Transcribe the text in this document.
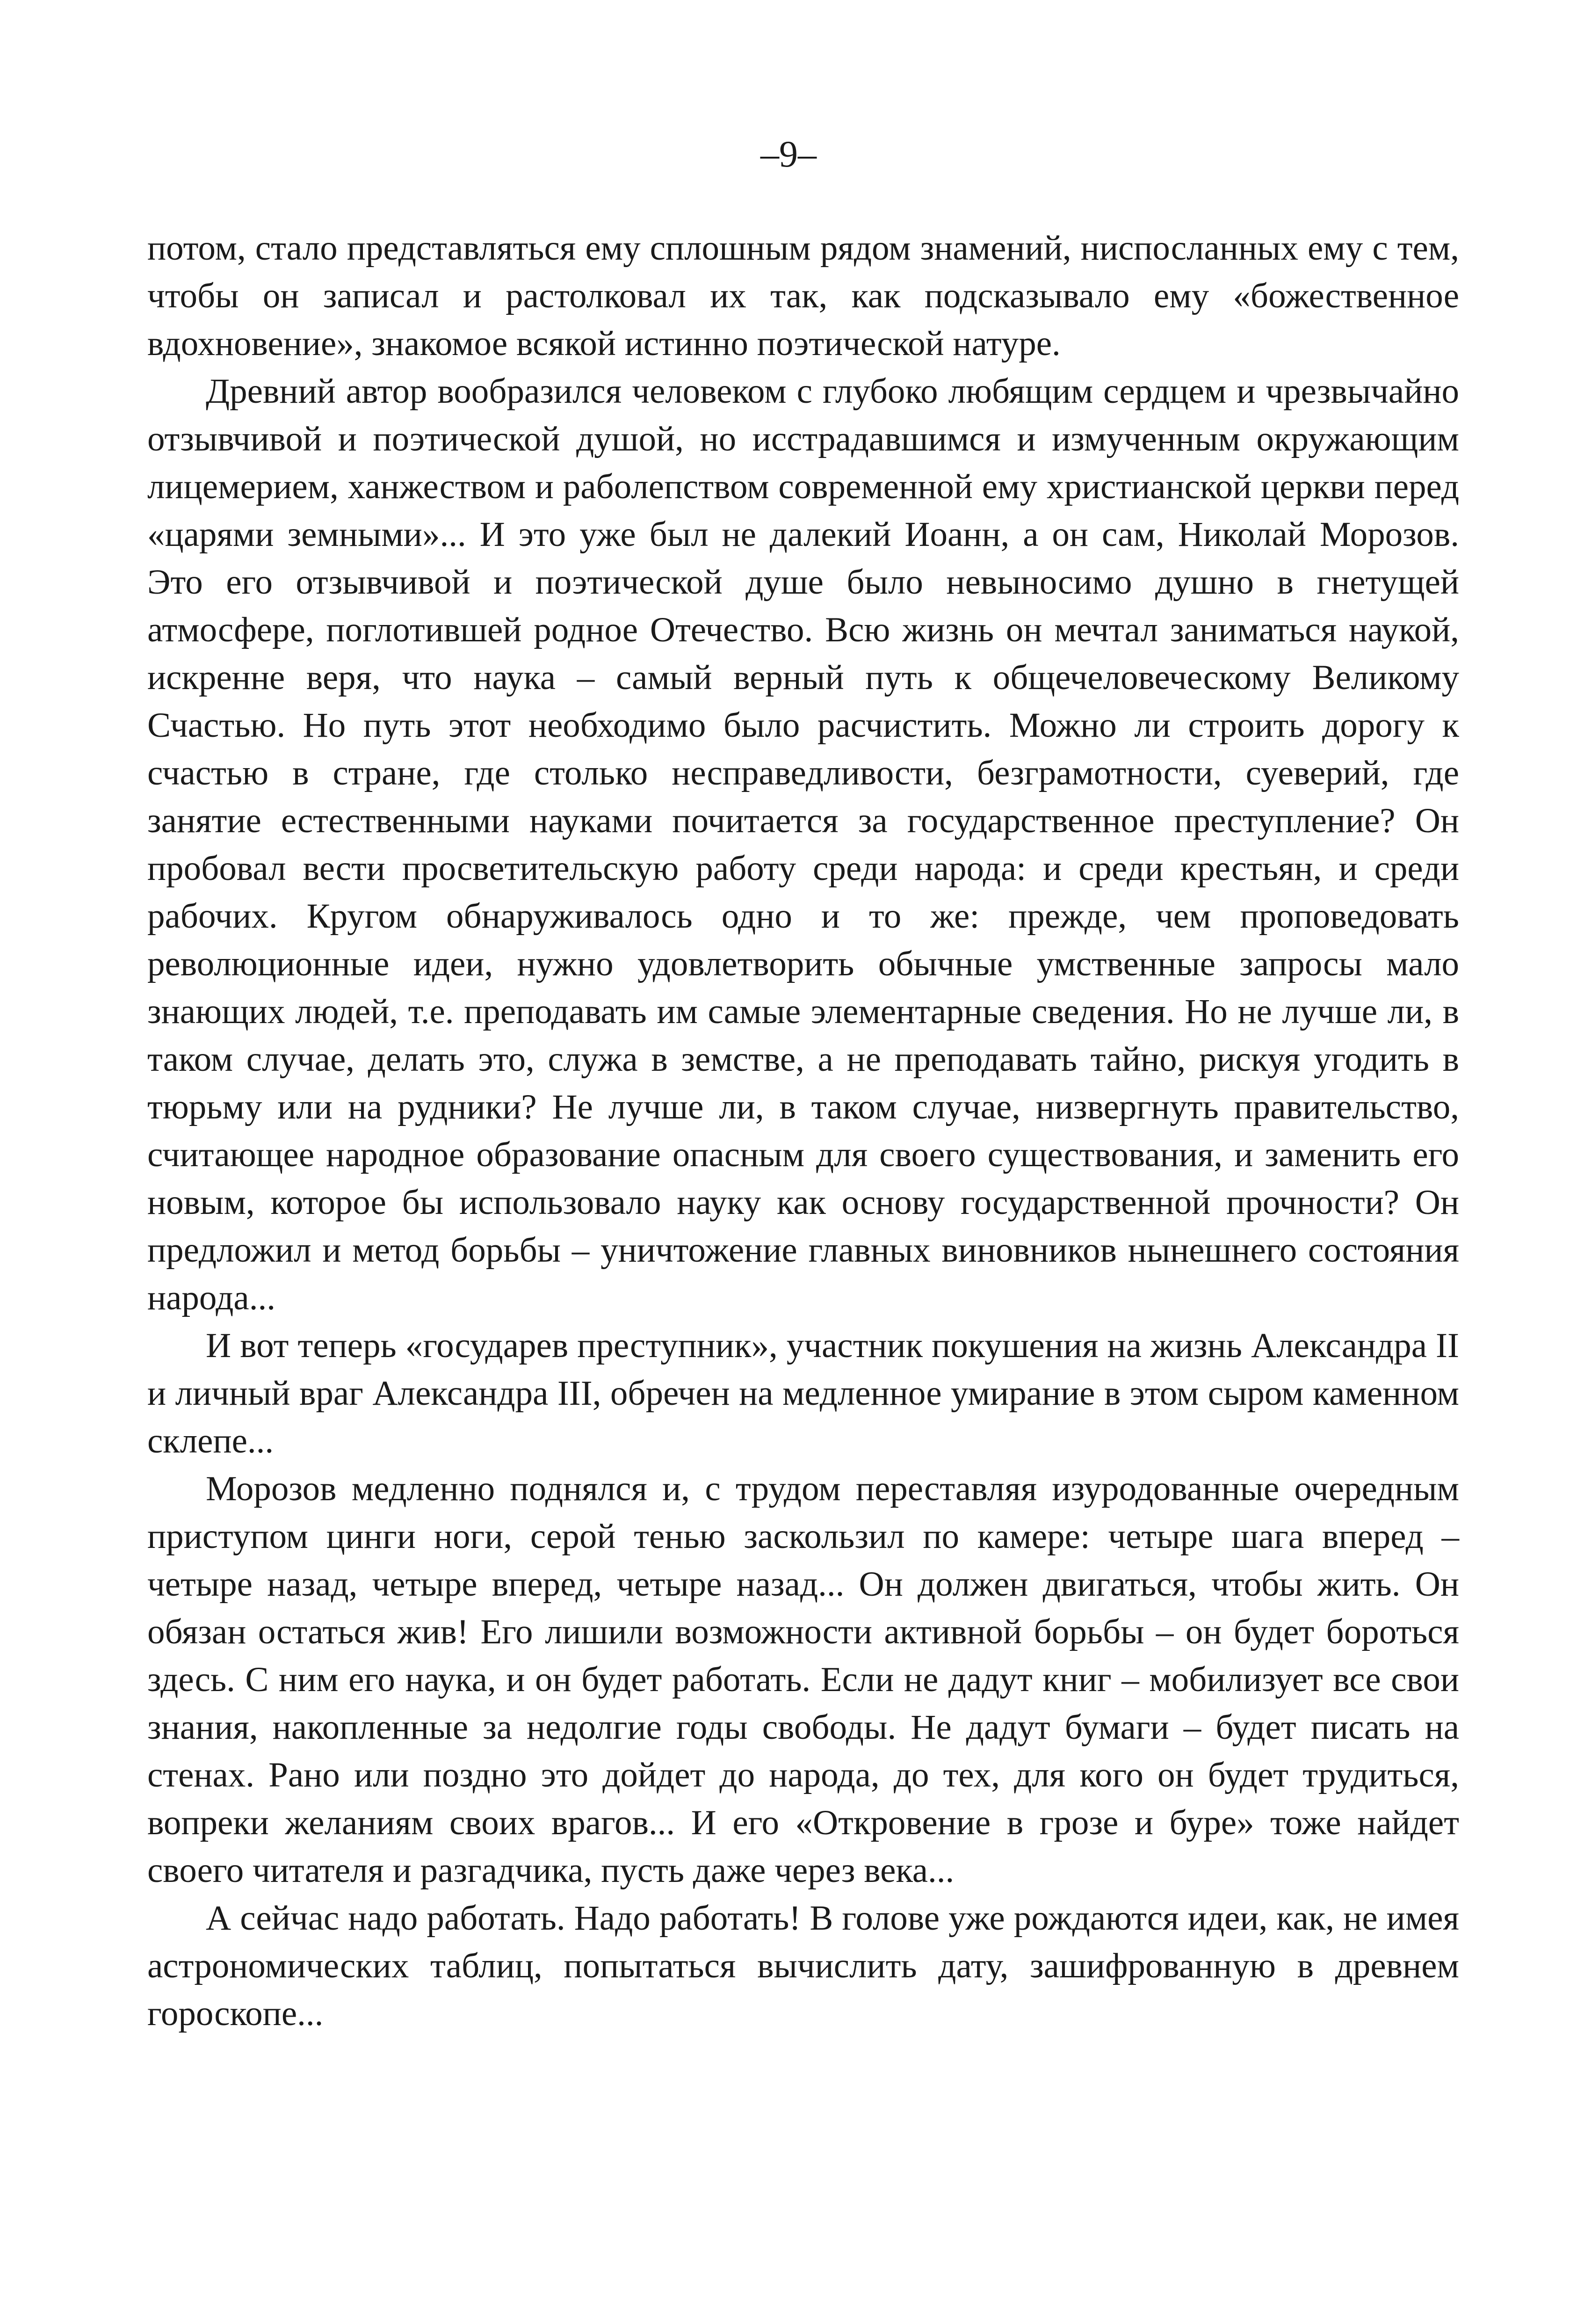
–9–

потом, стало представляться ему сплошным рядом знамений, ниспосланных ему с тем, чтобы он записал и растолковал их так, как подсказывало ему «божественное вдохновение», знакомое всякой истинно поэтической натуре.

Древний автор вообразился человеком с глубоко любящим сердцем и чрезвычайно отзывчивой и поэтической душой, но исстрадавшимся и измученным окружающим лицемерием, ханжеством и раболепством современной ему христианской церкви перед «царями земными»... И это уже был не далекий Иоанн, а он сам, Николай Морозов. Это его отзывчивой и поэтической душе было невыносимо душно в гнетущей атмосфере, поглотившей родное Отечество. Всю жизнь он мечтал заниматься наукой, искренне веря, что наука – самый верный путь к общечеловеческому Великому Счастью. Но путь этот необходимо было расчистить. Можно ли строить дорогу к счастью в стране, где столько несправедливости, безграмотности, суеверий, где занятие естественными науками почитается за государственное преступление? Он пробовал вести просветительскую работу среди народа: и среди крестьян, и среди рабочих. Кругом обнаруживалось одно и то же: прежде, чем проповедовать революционные идеи, нужно удовлетворить обычные умственные запросы мало знающих людей, т.е. преподавать им самые элементарные сведения. Но не лучше ли, в таком случае, делать это, служа в земстве, а не преподавать тайно, рискуя угодить в тюрьму или на рудники? Не лучше ли, в таком случае, низвергнуть правительство, считающее народное образование опасным для своего существования, и заменить его новым, которое бы использовало науку как основу государственной прочности? Он предложил и метод борьбы – уничтожение главных виновников нынешнего состояния народа...

И вот теперь «государев преступник», участник покушения на жизнь Александра II и личный враг Александра III, обречен на медленное умирание в этом сыром каменном склепе...

Морозов медленно поднялся и, с трудом переставляя изуродованные очередным приступом цинги ноги, серой тенью заскользил по камере: четыре шага вперед – четыре назад, четыре вперед, четыре назад... Он должен двигаться, чтобы жить. Он обязан остаться жив! Его лишили возможности активной борьбы – он будет бороться здесь. С ним его наука, и он будет работать. Если не дадут книг – мобилизует все свои знания, накопленные за недолгие годы свободы. Не дадут бумаги – будет писать на стенах. Рано или поздно это дойдет до народа, до тех, для кого он будет трудиться, вопреки желаниям своих врагов... И его «Откровение в грозе и буре» тоже найдет своего читателя и разгадчика, пусть даже через века...

А сейчас надо работать. Надо работать! В голове уже рождаются идеи, как, не имея астрономических таблиц, попытаться вычислить дату, зашифрованную в древнем гороскопе...
